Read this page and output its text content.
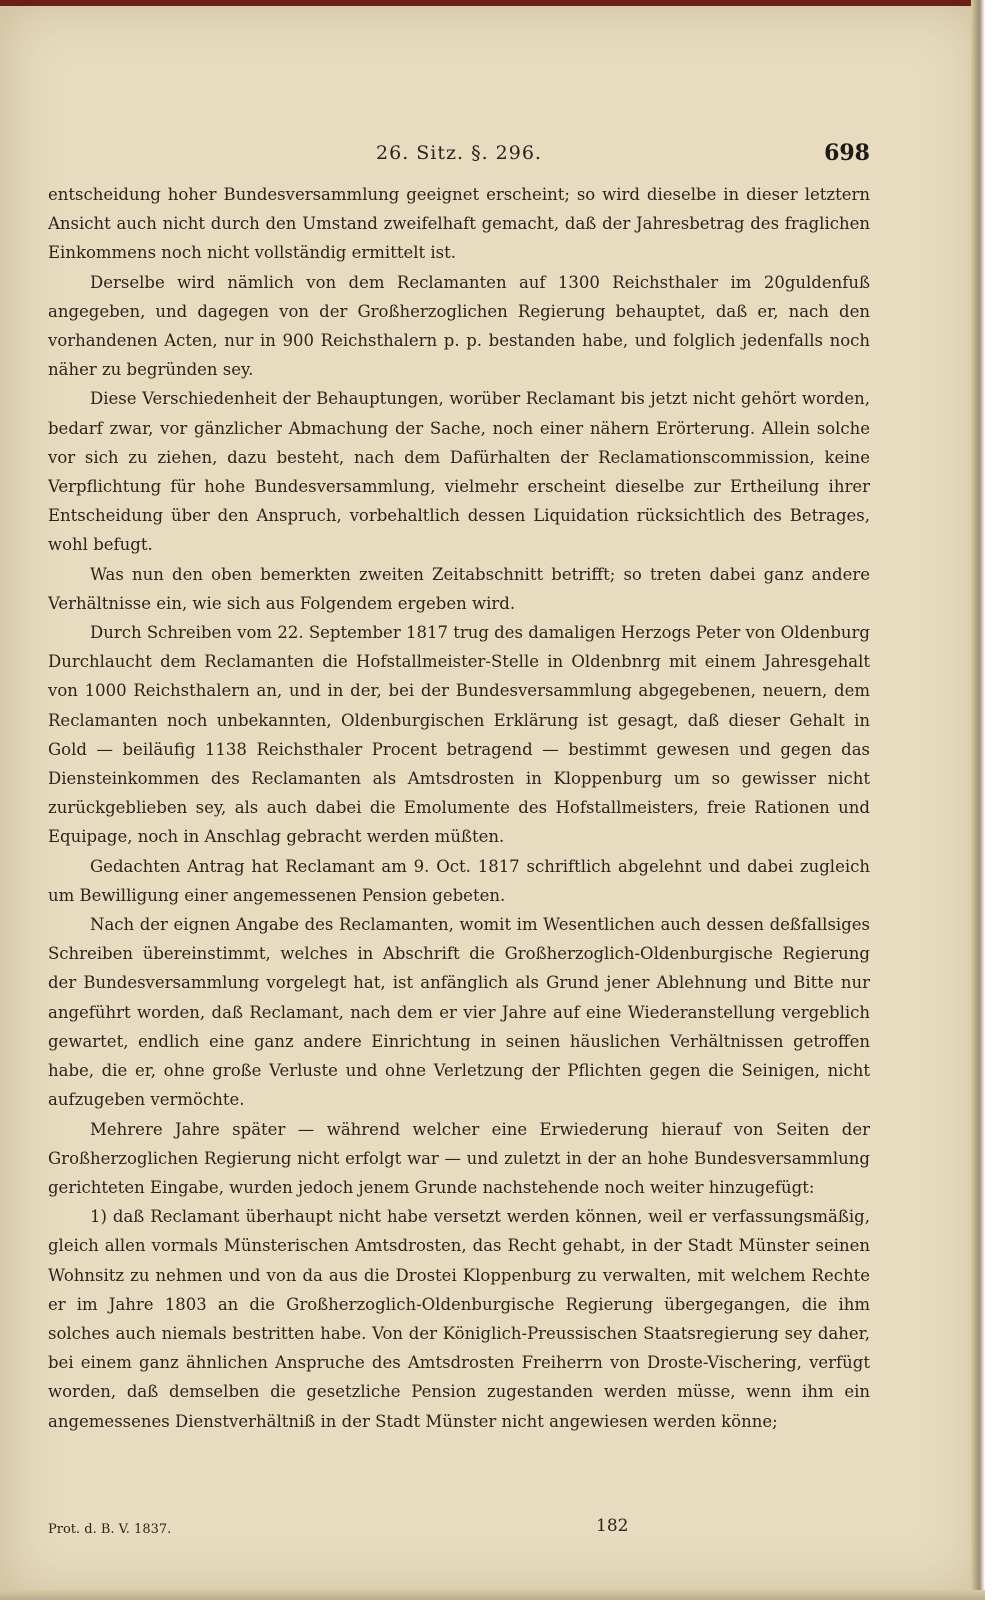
26. Sitz. §. 296.	698

entscheidung hoher Bundesversammlung geeignet erscheint; so wird dieselbe in dieser letztern Ansicht auch nicht durch den Umstand zweifelhaft gemacht, daß der Jahresbetrag des fraglichen Einkommens noch nicht vollständig ermittelt ist.

Derselbe wird nämlich von dem Reclamanten auf 1300 Reichsthaler im 20guldenfuß angegeben, und dagegen von der Großherzoglichen Regierung behauptet, daß er, nach den vorhandenen Acten, nur in 900 Reichsthalern p. p. bestanden habe, und folglich jedenfalls noch näher zu begründen sey.

Diese Verschiedenheit der Behauptungen, worüber Reclamant bis jetzt nicht gehört worden, bedarf zwar, vor gänzlicher Abmachung der Sache, noch einer nähern Erörterung. Allein solche vor sich zu ziehen, dazu besteht, nach dem Dafürhalten der Reclamationscommission, keine Verpflichtung für hohe Bundesversammlung, vielmehr erscheint dieselbe zur Ertheilung ihrer Entscheidung über den Anspruch, vorbehaltlich dessen Liquidation rücksichtlich des Betrages, wohl befugt.

Was nun den oben bemerkten zweiten Zeitabschnitt betrifft; so treten dabei ganz andere Verhältnisse ein, wie sich aus Folgendem ergeben wird.

Durch Schreiben vom 22. September 1817 trug des damaligen Herzogs Peter von Oldenburg Durchlaucht dem Reclamanten die Hofstallmeister-Stelle in Oldenbnrg mit einem Jahresgehalt von 1000 Reichsthalern an, und in der, bei der Bundesversammlung abgegebenen, neuern, dem Reclamanten noch unbekannten, Oldenburgischen Erklärung ist gesagt, daß dieser Gehalt in Gold — beiläufig 1138 Reichsthaler Procent betragend — bestimmt gewesen und gegen das Diensteinkommen des Reclamanten als Amtsdrosten in Kloppenburg um so gewisser nicht zurückgeblieben sey, als auch dabei die Emolumente des Hofstallmeisters, freie Rationen und Equipage, noch in Anschlag gebracht werden müßten.

Gedachten Antrag hat Reclamant am 9. Oct. 1817 schriftlich abgelehnt und dabei zugleich um Bewilligung einer angemessenen Pension gebeten.

Nach der eignen Angabe des Reclamanten, womit im Wesentlichen auch dessen deßfallsiges Schreiben übereinstimmt, welches in Abschrift die Großherzoglich-Oldenburgische Regierung der Bundesversammlung vorgelegt hat, ist anfänglich als Grund jener Ablehnung und Bitte nur angeführt worden, daß Reclamant, nach dem er vier Jahre auf eine Wiederanstellung vergeblich gewartet, endlich eine ganz andere Einrichtung in seinen häuslichen Verhältnissen getroffen habe, die er, ohne große Verluste und ohne Verletzung der Pflichten gegen die Seinigen, nicht aufzugeben vermöchte.

Mehrere Jahre später — während welcher eine Erwiederung hierauf von Seiten der Großherzoglichen Regierung nicht erfolgt war — und zuletzt in der an hohe Bundesversammlung gerichteten Eingabe, wurden jedoch jenem Grunde nachstehende noch weiter hinzugefügt:

1) daß Reclamant überhaupt nicht habe versetzt werden können, weil er verfassungsmäßig, gleich allen vormals Münsterischen Amtsdrosten, das Recht gehabt, in der Stadt Münster seinen Wohnsitz zu nehmen und von da aus die Drostei Kloppenburg zu verwalten, mit welchem Rechte er im Jahre 1803 an die Großherzoglich-Oldenburgische Regierung übergegangen, die ihm solches auch niemals bestritten habe. Von der Königlich-Preussischen Staatsregierung sey daher, bei einem ganz ähnlichen Anspruche des Amtsdrosten Freiherrn von Droste-Vischering, verfügt worden, daß demselben die gesetzliche Pension zugestanden werden müsse, wenn ihm ein angemessenes Dienstverhältniß in der Stadt Münster nicht angewiesen werden könne;

Prot. d. B. V. 1837.	182
